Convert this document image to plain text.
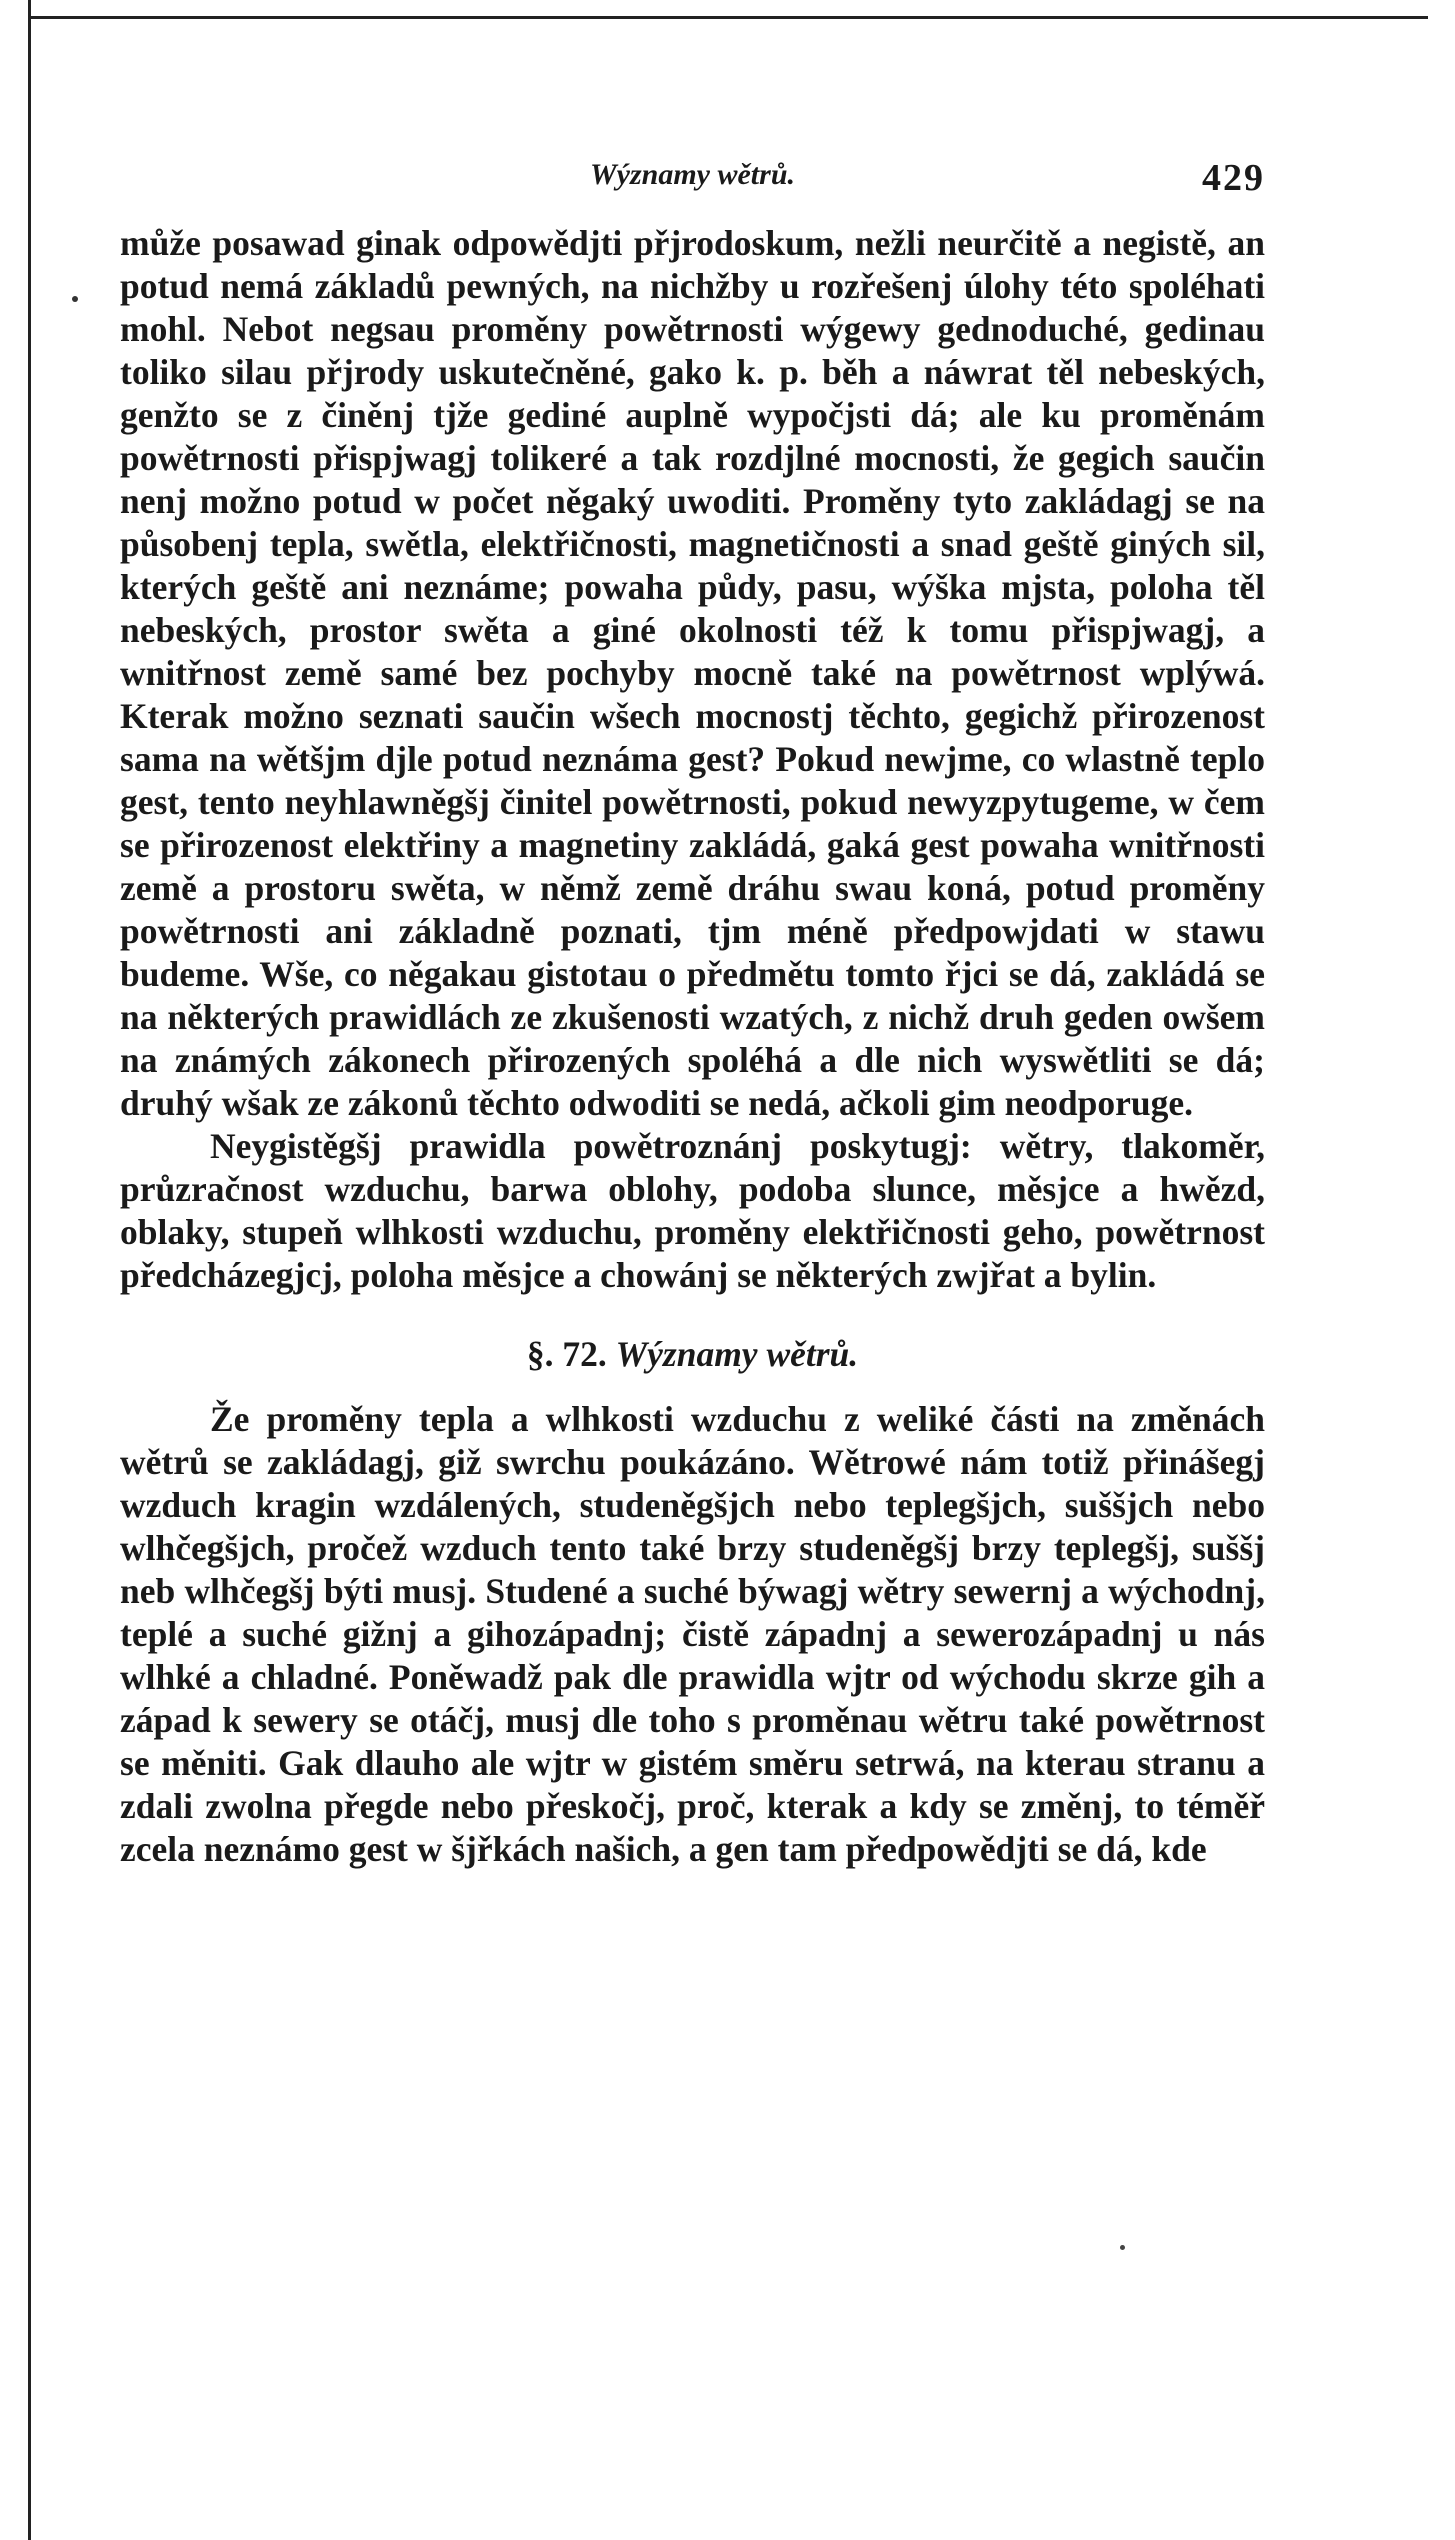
Wýznamy wětrů.	429

může posawad ginak odpowědjti přjrodoskum, nežli neurčitě a negistě, an potud nemá základů pewných, na nichžby u rozřešenj úlohy této spoléhati mohl. Nebot negsau proměny powětrnosti wýgewy gednoduché, gedinau toliko silau přjrody uskutečněné, gako k. p. běh a náwrat těl nebeských, genžto se z činěnj tjže gediné auplně wypočjsti dá; ale ku proměnám powětrnosti přispjwagj tolikeré a tak rozdjlné mocnosti, že gegich saučin nenj možno potud w počet něgaký uwoditi. Proměny tyto zakládagj se na působenj tepla, swětla, elektřičnosti, magnetičnosti a snad geště giných sil, kterých geště ani neznáme; powaha půdy, pasu, wýška mjsta, poloha těl nebeských, prostor swěta a giné okolnosti též k tomu přispjwagj, a wnitřnost země samé bez pochyby mocně také na powětrnost wplýwá. Kterak možno seznati saučin wšech mocnostj těchto, gegichž přirozenost sama na wětšjm djle potud neznáma gest? Pokud newjme, co wlastně teplo gest, tento neyhlawněgšj činitel powětrnosti, pokud newyzpytugeme, w čem se přirozenost elektřiny a magnetiny zakládá, gaká gest powaha wnitřnosti země a prostoru swěta, w němž země dráhu swau koná, potud proměny powětrnosti ani základně poznati, tjm méně předpowjdati w stawu budeme. Wše, co něgakau gistotau o předmětu tomto řjci se dá, zakládá se na některých prawidlách ze zkušenosti wzatých, z nichž druh geden owšem na známých zákonech přirozených spoléhá a dle nich wyswětliti se dá; druhý wšak ze zákonů těchto odwoditi se nedá, ačkoli gim neodporuge.

Neygistěgšj prawidla powětroznánj poskytugj: wětry, tlakoměr, průzračnost wzduchu, barwa oblohy, podoba slunce, měsjce a hwězd, oblaky, stupeň wlhkosti wzduchu, proměny elektřičnosti geho, powětrnost předcházegjcj, poloha měsjce a chowánj se některých zwjřat a bylin.

§. 72. Wýznamy wětrů.

Že proměny tepla a wlhkosti wzduchu z weliké části na změnách wětrů se zakládagj, giž swrchu poukázáno. Wětrowé nám totiž přinášegj wzduch kragin wzdálených, studeněgšjch nebo teplegšjch, suššjch nebo wlhčegšjch, pročež wzduch tento také brzy studeněgšj brzy teplegšj, suššj neb wlhčegšj býti musj. Studené a suché býwagj wětry sewernj a wýchodnj, teplé a suché gižnj a gihozápadnj; čistě západnj a sewerozápadnj u nás wlhké a chladné. Poněwadž pak dle prawidla wjtr od wýchodu skrze gih a západ k sewerу se otáčj, musj dle toho s proměnau wětru také powětrnost se měniti. Gak dlauho ale wjtr w gistém směru setrwá, na kterau stranu a zdali zwolna přegde nebo přeskočj, proč, kterak a kdy se změnj, to téměř zcela neznámo gest w šjřkách našich, a gen tam předpowědjti se dá, kde
